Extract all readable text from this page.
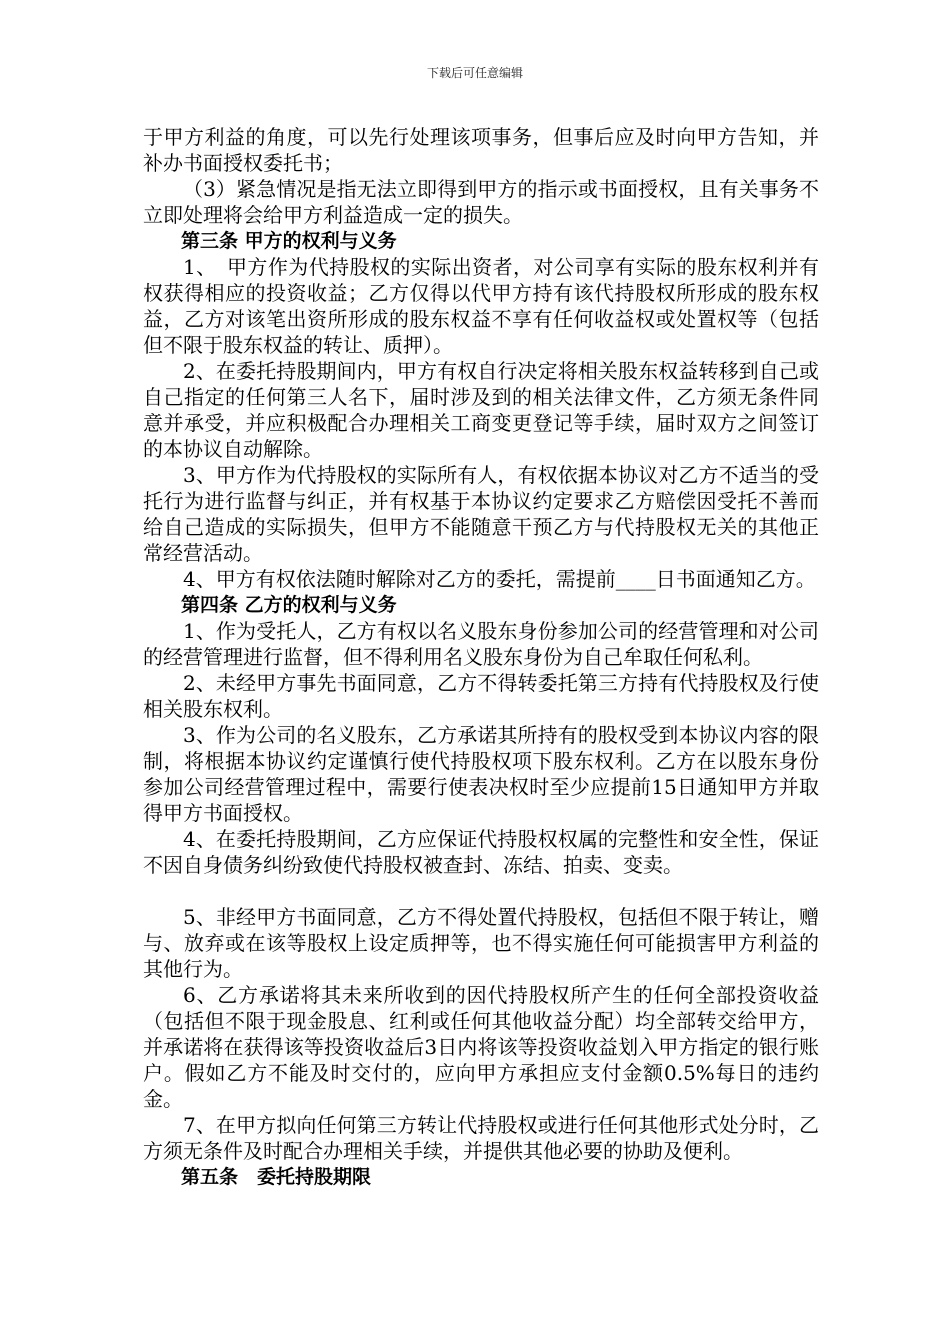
下载后可任意编辑

于甲方利益的角度，可以先行处理该项事务，但事后应及时向甲方告知，并补办书面授权委托书；

（3）紧急情况是指无法立即得到甲方的指示或书面授权，且有关事务不立即处理将会给甲方利益造成一定的损失。

第三条 甲方的权利与义务

1、　甲方作为代持股权的实际出资者，对公司享有实际的股东权利并有权获得相应的投资收益；乙方仅得以代甲方持有该代持股权所形成的股东权益，乙方对该笔出资所形成的股东权益不享有任何收益权或处置权等（包括但不限于股东权益的转让、质押）。

2、在委托持股期间内，甲方有权自行决定将相关股东权益转移到自己或自己指定的任何第三人名下，届时涉及到的相关法律文件，乙方须无条件同意并承受，并应积极配合办理相关工商变更登记等手续，届时双方之间签订的本协议自动解除。

3、甲方作为代持股权的实际所有人，有权依据本协议对乙方不适当的受托行为进行监督与纠正，并有权基于本协议约定要求乙方赔偿因受托不善而给自己造成的实际损失，但甲方不能随意干预乙方与代持股权无关的其他正常经营活动。

4、甲方有权依法随时解除对乙方的委托，需提前____日书面通知乙方。

第四条 乙方的权利与义务

1、作为受托人，乙方有权以名义股东身份参加公司的经营管理和对公司的经营管理进行监督，但不得利用名义股东身份为自己牟取任何私利。

2、未经甲方事先书面同意，乙方不得转委托第三方持有代持股权及行使相关股东权利。

3、作为公司的名义股东，乙方承诺其所持有的股权受到本协议内容的限制，将根据本协议约定谨慎行使代持股权项下股东权利。乙方在以股东身份参加公司经营管理过程中，需要行使表决权时至少应提前15日通知甲方并取得甲方书面授权。

4、在委托持股期间，乙方应保证代持股权权属的完整性和安全性，保证不因自身债务纠纷致使代持股权被查封、冻结、拍卖、变卖。

5、非经甲方书面同意，乙方不得处置代持股权，包括但不限于转让，赠与、放弃或在该等股权上设定质押等，也不得实施任何可能损害甲方利益的其他行为。

6、乙方承诺将其未来所收到的因代持股权所产生的任何全部投资收益（包括但不限于现金股息、红利或任何其他收益分配）均全部转交给甲方，并承诺将在获得该等投资收益后3日内将该等投资收益划入甲方指定的银行账户。假如乙方不能及时交付的，应向甲方承担应支付金额0.5%每日的违约金。

7、在甲方拟向任何第三方转让代持股权或进行任何其他形式处分时，乙方须无条件及时配合办理相关手续，并提供其他必要的协助及便利。

第五条　委托持股期限
